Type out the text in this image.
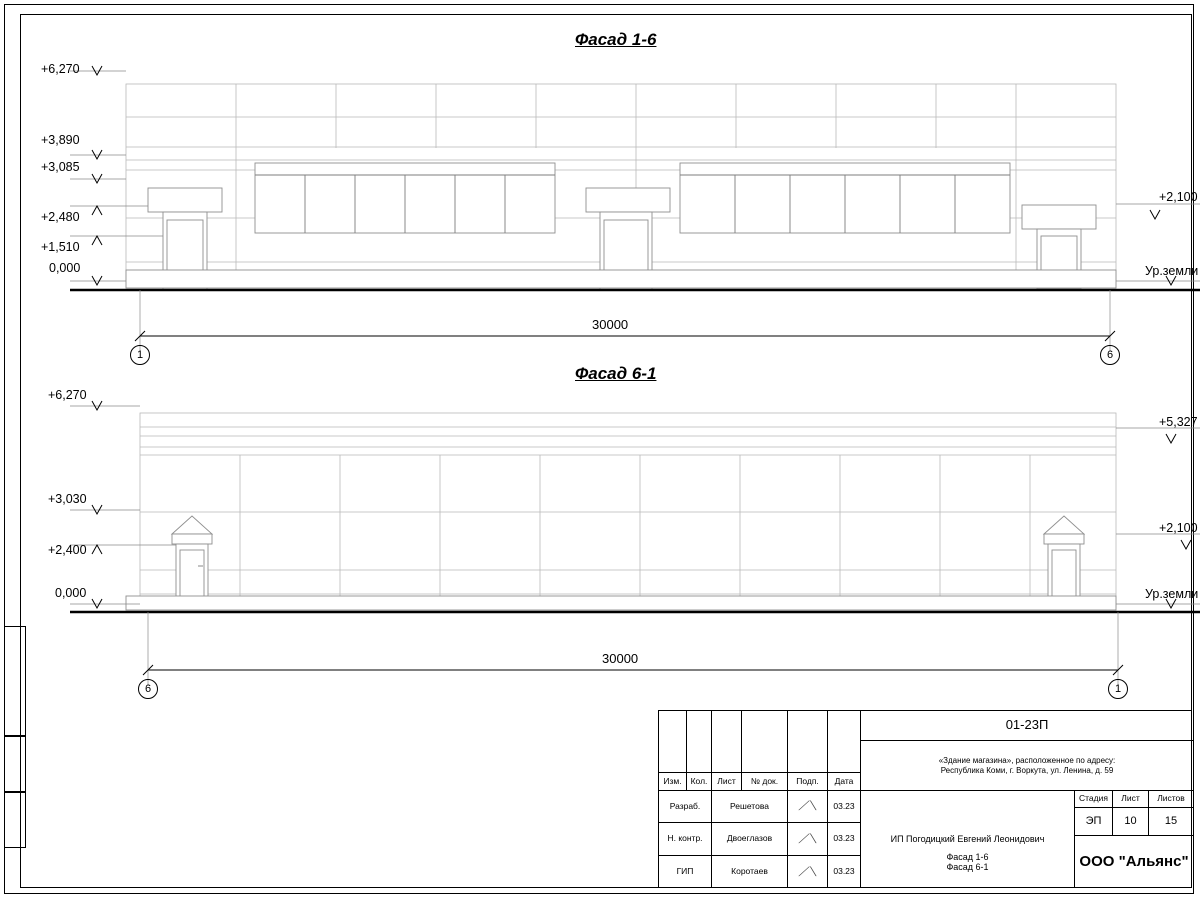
Фасад 1-6
+6,270
+3,890
+3,085
+2,480
+1,510
0,000
+2,100
Ур.земли
30000
1	6
Фасад 6-1
+6,270
+3,030
+2,400
0,000
+5,327
+2,100
Ур.земли
30000
6	1
Изм.	Кол.	Лист	№ док.	Подп.	Дата
Разраб.	Решетова	⟋⟍	03.23
Н. контр.	Двоеглазов	⟋⟍	03.23
ГИП	Коротаев	⟋⟍	03.23
01-23П
«Здание магазина», расположенное по адресу:
Республика Коми, г. Воркута, ул. Ленина, д. 59
ИП Погодицкий Евгений Леонидович
Стадия	Лист	Листов
ЭП	10	15
ООО "Альянс"
Фасад 1-6
Фасад 6-1
